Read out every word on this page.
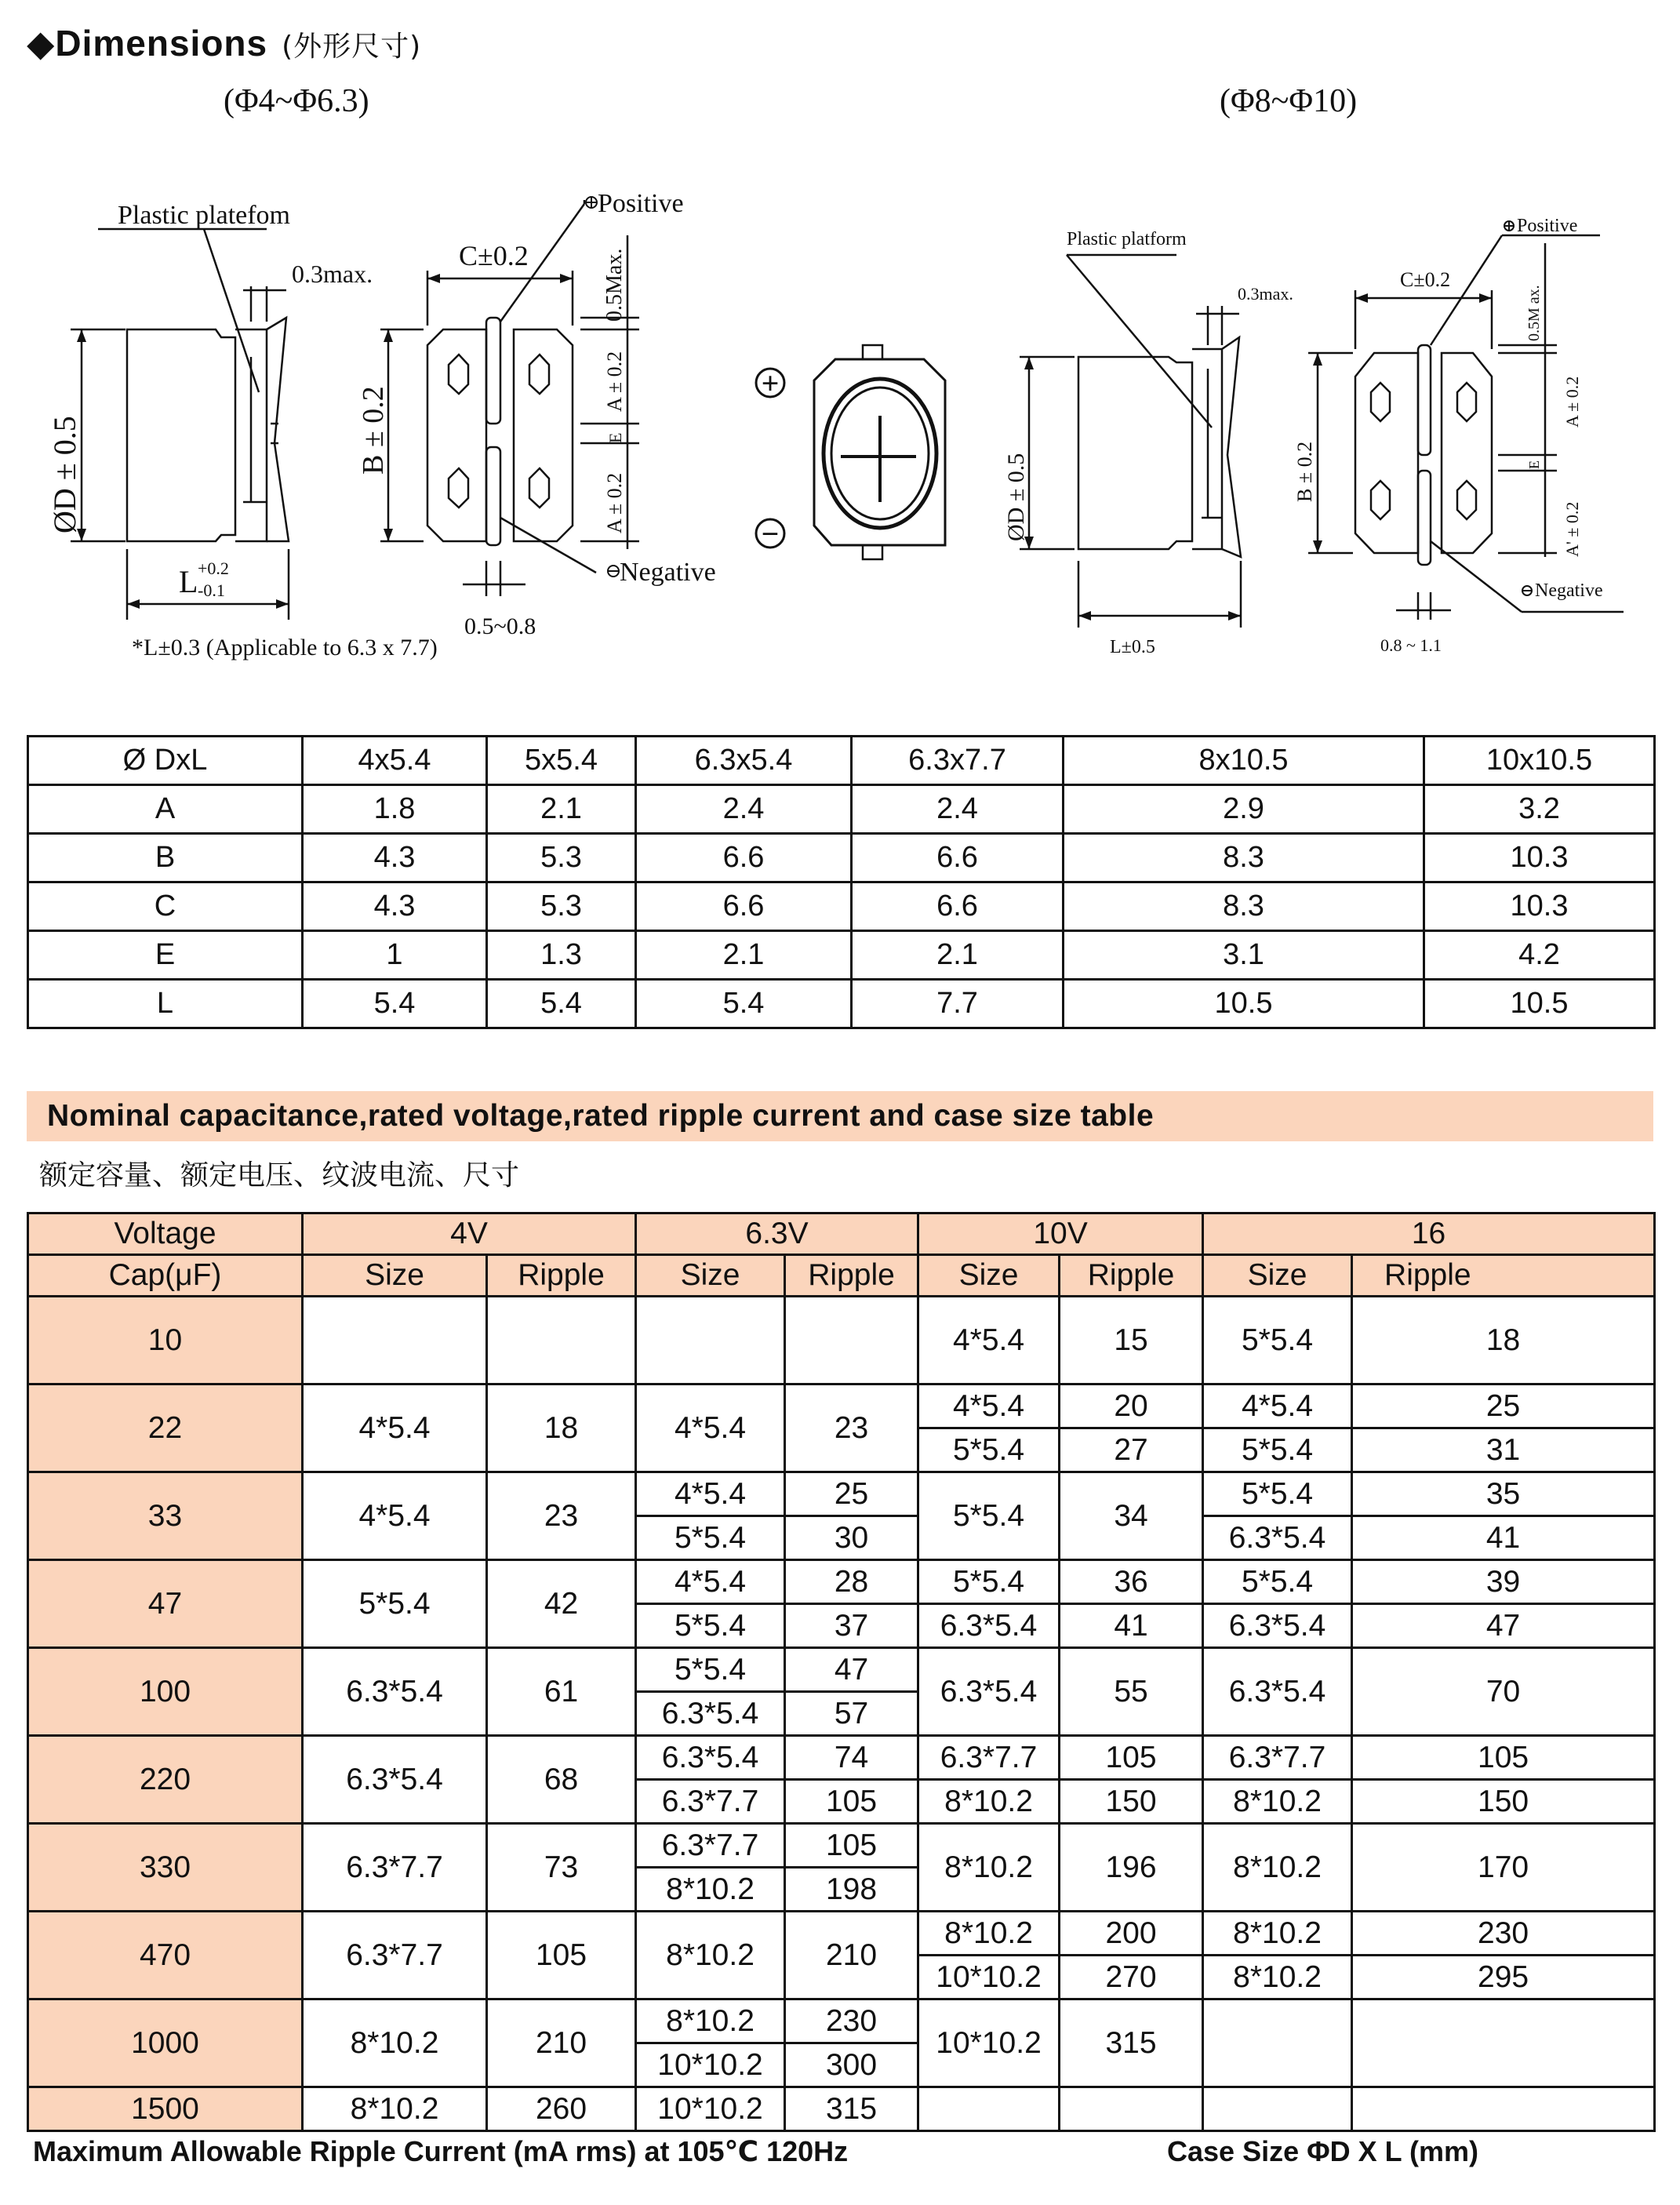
◆Dimensions (外形尺寸)
(Φ4~Φ6.3)	(Φ8~Φ10)
Plastic platefom
0.3max.
ØD ± 0.5
L +0.2
-0.1
*L±0.3 (Applicable to 6.3 x 7.7)
C±0.2
B ± 0.2
Positive
Negative
0.5Max.
A ± 0.2
E
A ± 0.2
0.5~0.8
+
−
Plastic platform
0.3max.
ØD ± 0.5
L±0.5
C±0.2
B ± 0.2
Positive
Negative
0.5M ax.
A ± 0.2
E
A' ± 0.2
0.8 ~ 1.1
Ø DxL	4x5.4	5x5.4	6.3x5.4	6.3x7.7	8x10.5	10x10.5
A	1.8	2.1	2.4	2.4	2.9	3.2
B	4.3	5.3	6.6	6.6	8.3	10.3
C	4.3	5.3	6.6	6.6	8.3	10.3
E	1	1.3	2.1	2.1	3.1	4.2
L	5.4	5.4	5.4	7.7	10.5	10.5
Nominal capacitance,rated voltage,rated ripple current and case size table
额定容量、额定电压、纹波电流、尺寸
Voltage	4V		6.3V		10V		16	
Cap(μF)	Size	Ripple	Size	Ripple	Size	Ripple	Size	Ripple
10					4*5.4	15	5*5.4	18
22	4*5.4	18	4*5.4	23	4*5.4	20	4*5.4	25
					5*5.4	27	5*5.4	31
33	4*5.4	23	4*5.4	25	5*5.4	34	5*5.4	35
			5*5.4	30			6.3*5.4	41
47	5*5.4	42	4*5.4	28	5*5.4	36	5*5.4	39
			5*5.4	37	6.3*5.4	41	6.3*5.4	47
100	6.3*5.4	61	5*5.4	47	6.3*5.4	55	6.3*5.4	70
			6.3*5.4	57				
220	6.3*5.4	68	6.3*5.4	74	6.3*7.7	105	6.3*7.7	105
			6.3*7.7	105	8*10.2	150	8*10.2	150
330	6.3*7.7	73	6.3*7.7	105	8*10.2	196	8*10.2	170
			8*10.2	198				
470	6.3*7.7	105	8*10.2	210	8*10.2	200	8*10.2	230
					10*10.2	270	8*10.2	295
1000	8*10.2	210	8*10.2	230	10*10.2	315		
			10*10.2	300				
1500	8*10.2	260	10*10.2	315				
Maximum Allowable Ripple Current (mA rms) at 105℃ 120Hz	Case Size ΦD X L (mm)
